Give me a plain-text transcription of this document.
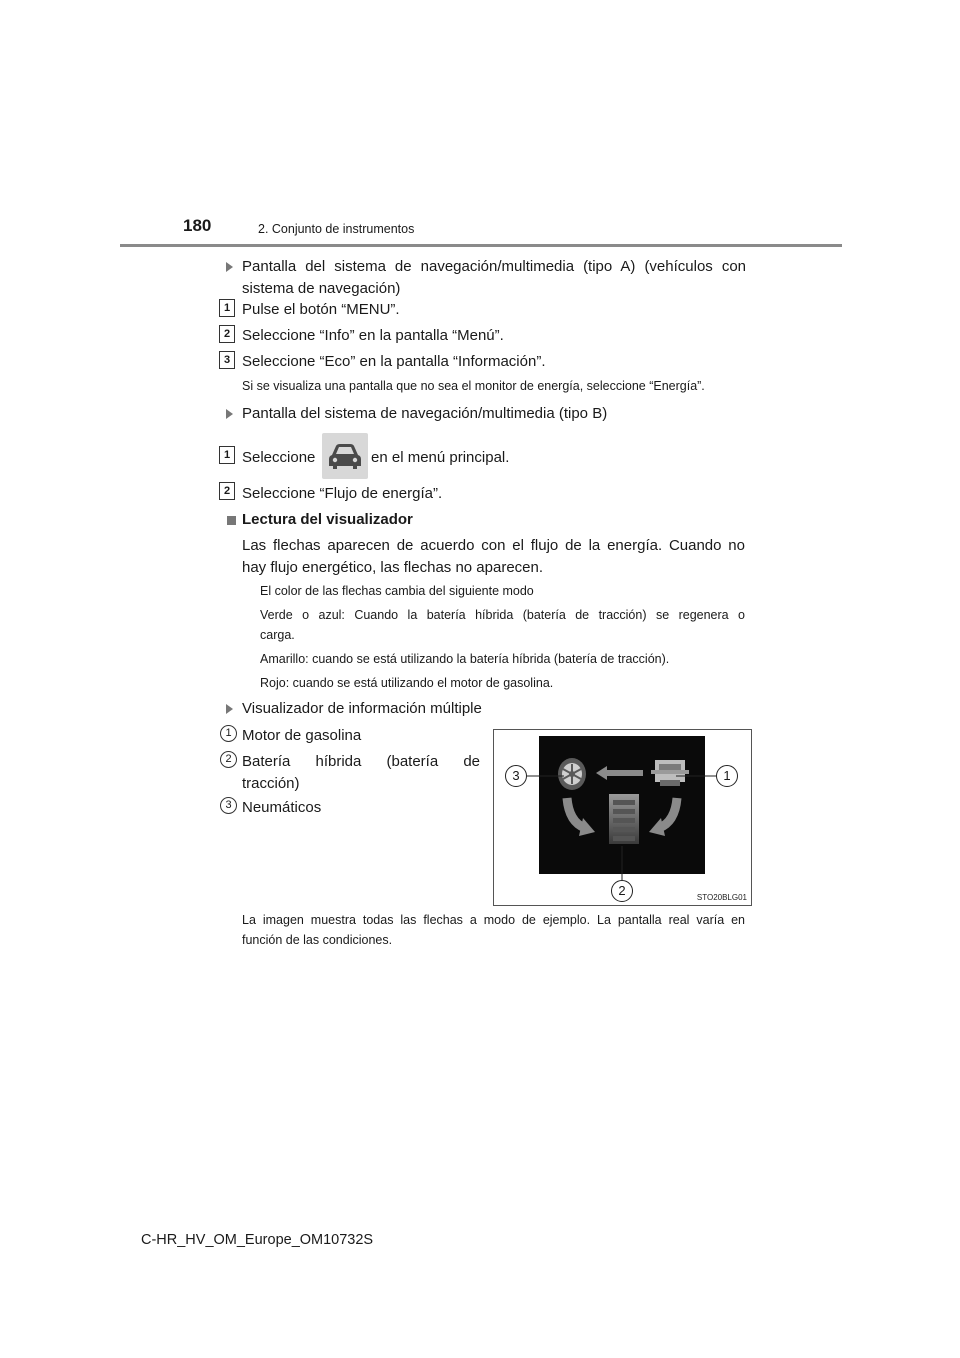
180	2. Conjunto de instrumentos
Pantalla del sistema de navegación/multimedia (tipo A) (vehículos con
sistema de navegación)
1 Pulse el botón “MENU”.
2 Seleccione “Info” en la pantalla “Menú”.
3 Seleccione “Eco” en la pantalla “Información”.
Si se visualiza una pantalla que no sea el monitor de energía, seleccione “Energía”.
Pantalla del sistema de navegación/multimedia (tipo B)
1 Seleccione	en el menú principal.
2 Seleccione “Flujo de energía”.
Lectura del visualizador
Las flechas aparecen de acuerdo con el flujo de la energía. Cuando no
hay flujo energético, las flechas no aparecen.
El color de las flechas cambia del siguiente modo
Verde o azul: Cuando la batería híbrida (batería de tracción) se regenera o
carga.
Amarillo: cuando se está utilizando la batería híbrida (batería de tracción).
Rojo: cuando se está utilizando el motor de gasolina.
Visualizador de información múltiple
1 Motor de gasolina
2 Batería híbrida (batería de
tracción)
3 Neumáticos
3	1
2	STO20BLG01
La imagen muestra todas las flechas a modo de ejemplo. La pantalla real varía en
función de las condiciones.
C-HR_HV_OM_Europe_OM10732S
